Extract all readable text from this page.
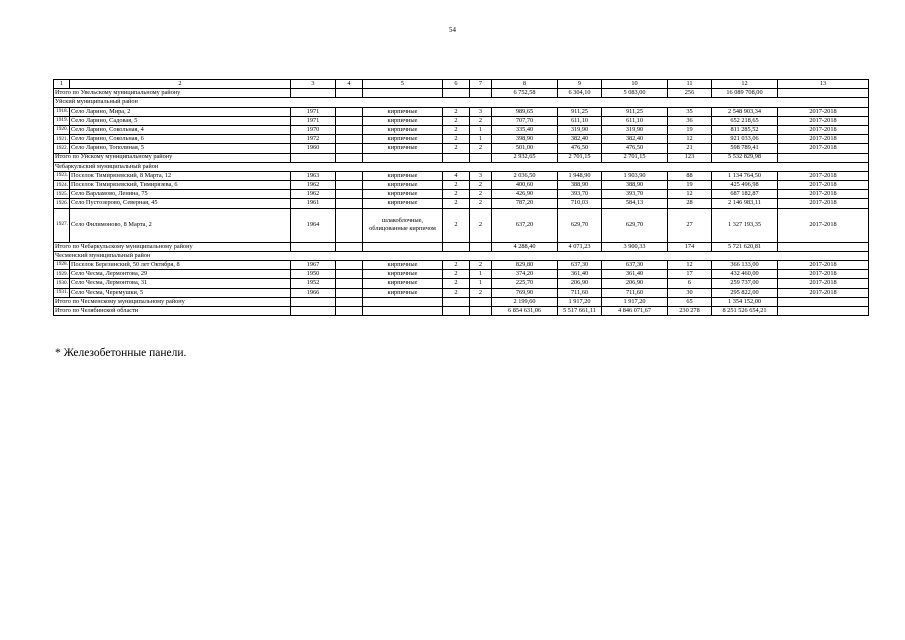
54
1	2	3	4	5	6	7	8	9	10	11	12	13
Итого по Увельскому муниципальному району							6 752,58	6 304,10	5 083,00	256	16 089 708,00	
Уйский муниципальный район												
1918.	Село Ларино, Мира, 2	1971		кирпичные	2	3	989,65	911,25	911,25	35	2 548 903,34	2017-2018
1919.	Село Ларино, Садовая, 5	1971		кирпичные	2	2	707,70	611,10	611,10	36	652 218,65	2017-2018
1920.	Село Ларино, Сокольная, 4	1970		кирпичные	2	1	335,40	319,90	319,90	19	811 285,52	2017-2018
1921.	Село Ларино, Сокольная, 6	1972		кирпичные	2	1	398,90	382,40	382,40	12	921 033,06	2017-2018
1922.	Село Ларино, Тополиная, 5	1960		кирпичные	2	2	501,00	476,50	476,50	21	598 789,41	2017-2018
Итого по Уйскому муниципальному району							2 932,65	2 701,15	2 701,15	123	5 532 829,98	
Чебаркульский муниципальный район												
1923.	Поселок Тимирязевский, 8 Марта, 12	1963		кирпичные	4	3	2 036,50	1 948,90	1 903,90	88	1 134 764,50	2017-2018
1924.	Поселок Тимирязевский, Тимирязева, 6	1962		кирпичные	2	2	400,60	388,90	388,90	19	425 496,98	2017-2018
1925.	Село Варламово, Ленина, 75	1962		кирпичные	2	2	426,90	393,70	393,70	12	687 182,87	2017-2018
1926.	Село Пустозерово, Северная, 45	1961		кирпичные	2	2	787,20	710,03	584,13	28	2 146 983,11	2017-2018
1927.	Село Филимоново, 8 Марта, 2	1964		шлакоблочные, облицованные кирпичом	2	2	637,20	629,70	629,70	27	1 327 193,35	2017-2018
Итого по Чебаркульскому муниципальному району							4 288,40	4 071,23	3 900,33	174	5 721 620,81	
Чесменский муниципальный район												
1928.	Поселок Березинский, 50 лет Октября, 8	1967		кирпичные	2	2	829,80	637,30	637,30	12	366 133,00	2017-2018
1929.	Село Чесма, Лермонтова, 29	1950		кирпичные	2	1	374,20	361,40	361,40	17	432 460,00	2017-2018
1930.	Село Чесма, Лермонтова, 31	1952		кирпичные	2	1	225,70	206,90	206,90	6	259 737,00	2017-2018
1931.	Село Чесма, Черемушки, 5	1966		кирпичные	2	2	769,90	711,60	711,60	30	295 822,00	2017-2018
Итого по Чесменскому муниципальному району							2 199,60	1 917,20	1 917,20	65	1 354 152,00	
Итого по Челябинской области							6 854 631,06	5 517 661,11	4 846 071,67	230 278	8 251 526 654,21	
* Железобетонные панели.
